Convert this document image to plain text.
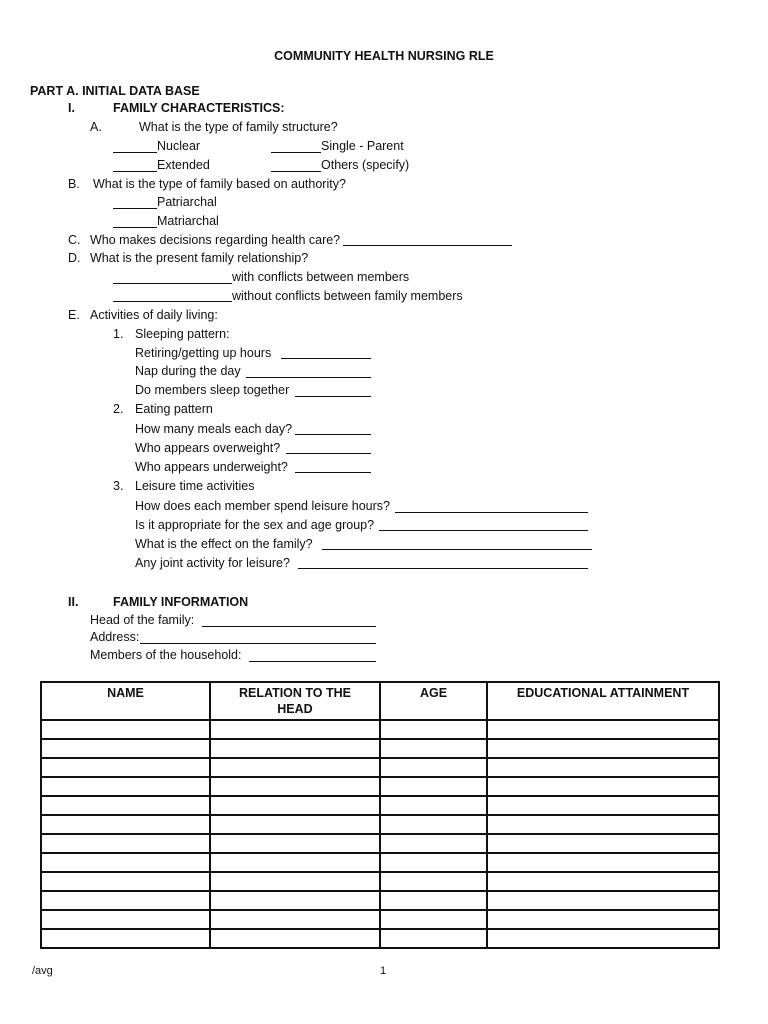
COMMUNITY HEALTH NURSING RLE
PART A. INITIAL DATA BASE
I.	FAMILY CHARACTERISTICS:
A.	What is the type of family structure?
Nuclear	Single - Parent
Extended	Others (specify)
B. What is the type of family based on authority?
Patriarchal
Matriarchal
C. Who makes decisions regarding health care?
D. What is the present family relationship?
with conflicts between members
without conflicts between family members
E. Activities of daily living:
1. Sleeping pattern:
Retiring/getting up hours
Nap during the day
Do members sleep together
2. Eating pattern
How many meals each day?
Who appears overweight?
Who appears underweight?
3. Leisure time activities
How does each member spend leisure hours?
Is it appropriate for the sex and age group?
What is the effect on the family?
Any joint activity for leisure?
II.	FAMILY INFORMATION
Head of the family:
Address:
Members of the household:
NAME	RELATION TO THE HEAD	AGE	EDUCATIONAL ATTAINMENT

/avg	1
